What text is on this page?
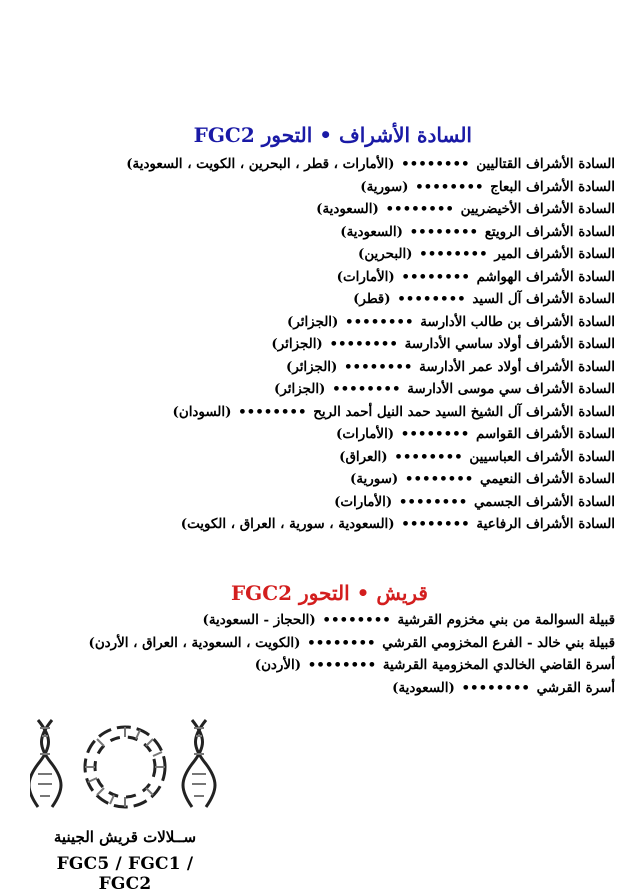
السادة الأشراف • التحور FGC2
السادة الأشراف القتاليين •••••••• (الأمارات ، قطر ، البحرين ، الكويت ، السعودية)
السادة الأشراف البعاج •••••••• (سورية)
السادة الأشراف الأخيضريين •••••••• (السعودية)
السادة الأشراف الرويتع •••••••• (السعودية)
السادة الأشراف المير •••••••• (البحرين)
السادة الأشراف الهواشم •••••••• (الأمارات)
السادة الأشراف آل السيد •••••••• (قطر)
السادة الأشراف بن طالب الأدارسة •••••••• (الجزائر)
السادة الأشراف أولاد ساسي الأدارسة •••••••• (الجزائر)
السادة الأشراف أولاد عمر الأدارسة •••••••• (الجزائر)
السادة الأشراف سي موسى الأدارسة •••••••• (الجزائر)
السادة الأشراف آل الشيخ السيد حمد النيل أحمد الريح •••••••• (السودان)
السادة الأشراف القواسم •••••••• (الأمارات)
السادة الأشراف العباسيين •••••••• (العراق)
السادة الأشراف النعيمي •••••••• (سورية)
السادة الأشراف الجسمي •••••••• (الأمارات)
السادة الأشراف الرفاعية •••••••• (السعودية ، سورية ، العراق ، الكويت)
قريش • التحور FGC2
قبيلة السوالمة من بني مخزوم القرشية •••••••• (الحجاز - السعودية)
قبيلة بني خالد - الفرع المخزومي القرشي •••••••• (الكويت ، السعودية ، العراق ، الأردن)
أسرة القاضي الخالدي المخزومية القرشية •••••••• (الأردن)
أسرة القرشي •••••••• (السعودية)
ســلالات قريش الجينية
FGC5 / FGC1 / FGC2
